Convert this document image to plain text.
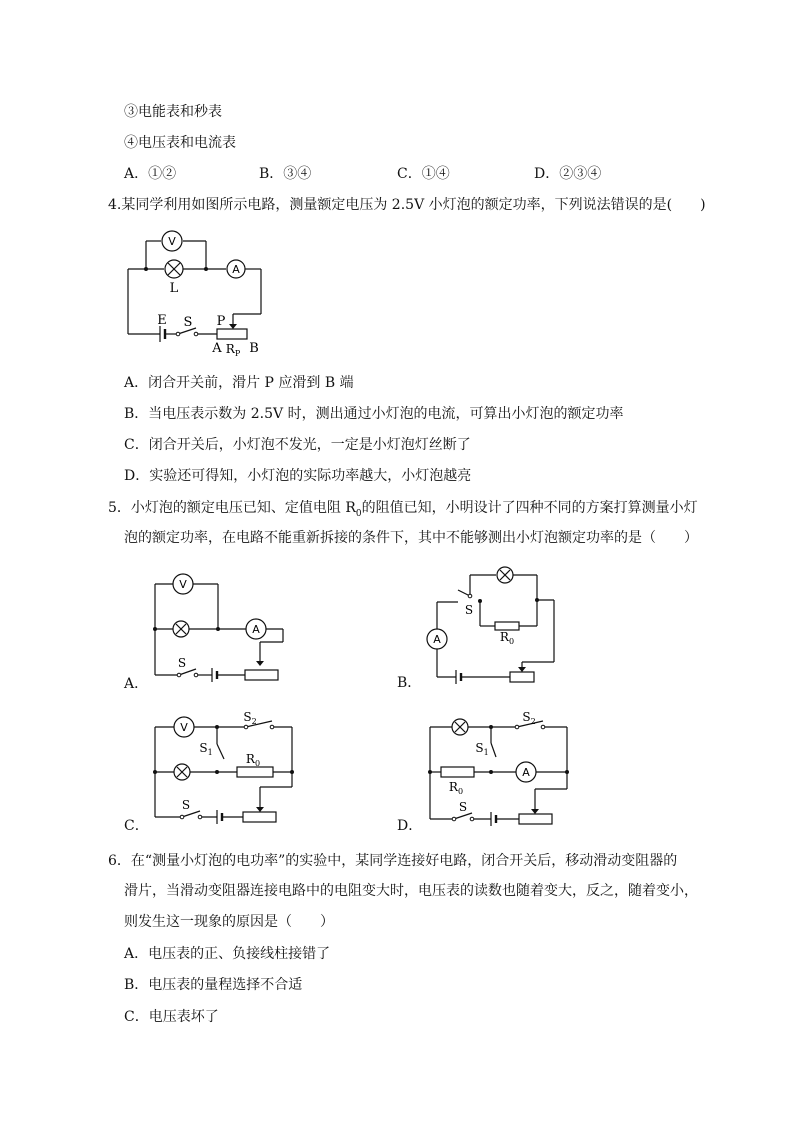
③电能表和秒表
④电压表和电流表
A．①②	B．③④	C．①④	D．②③④
4.某同学利用如图所示电路，测量额定电压为 2.5V 小灯泡的额定功率，下列说法错误的是(　　)
V
A
L
E S P
A $R_P$ B
A．闭合开关前，滑片 P 应滑到 B 端
B．当电压表示数为 2.5V 时，测出通过小灯泡的电流，可算出小灯泡的额定功率
C．闭合开关后，小灯泡不发光，一定是小灯泡灯丝断了
D．实验还可得知，小灯泡的实际功率越大，小灯泡越亮
5．小灯泡的额定电压已知、定值电阻 $R_0$的阻值已知，小明设计了四种不同的方案打算测量小灯
泡的额定功率，在电路不能重新拆接的条件下，其中不能够测出小灯泡额定功率的是（　　）
V
A
S
A．
A
S
$R_0$
B．
V
$S_2$
$S_1$	$R_0$
S
C．
A
$S_2$
$S_1$
$R_0$
S
D．
6．在“测量小灯泡的电功率”的实验中，某同学连接好电路，闭合开关后，移动滑动变阻器的
滑片，当滑动变阻器连接电路中的电阻变大时，电压表的读数也随着变大，反之，随着变小，
则发生这一现象的原因是（　　）
A．电压表的正、负接线柱接错了
B．电压表的量程选择不合适
C．电压表坏了
